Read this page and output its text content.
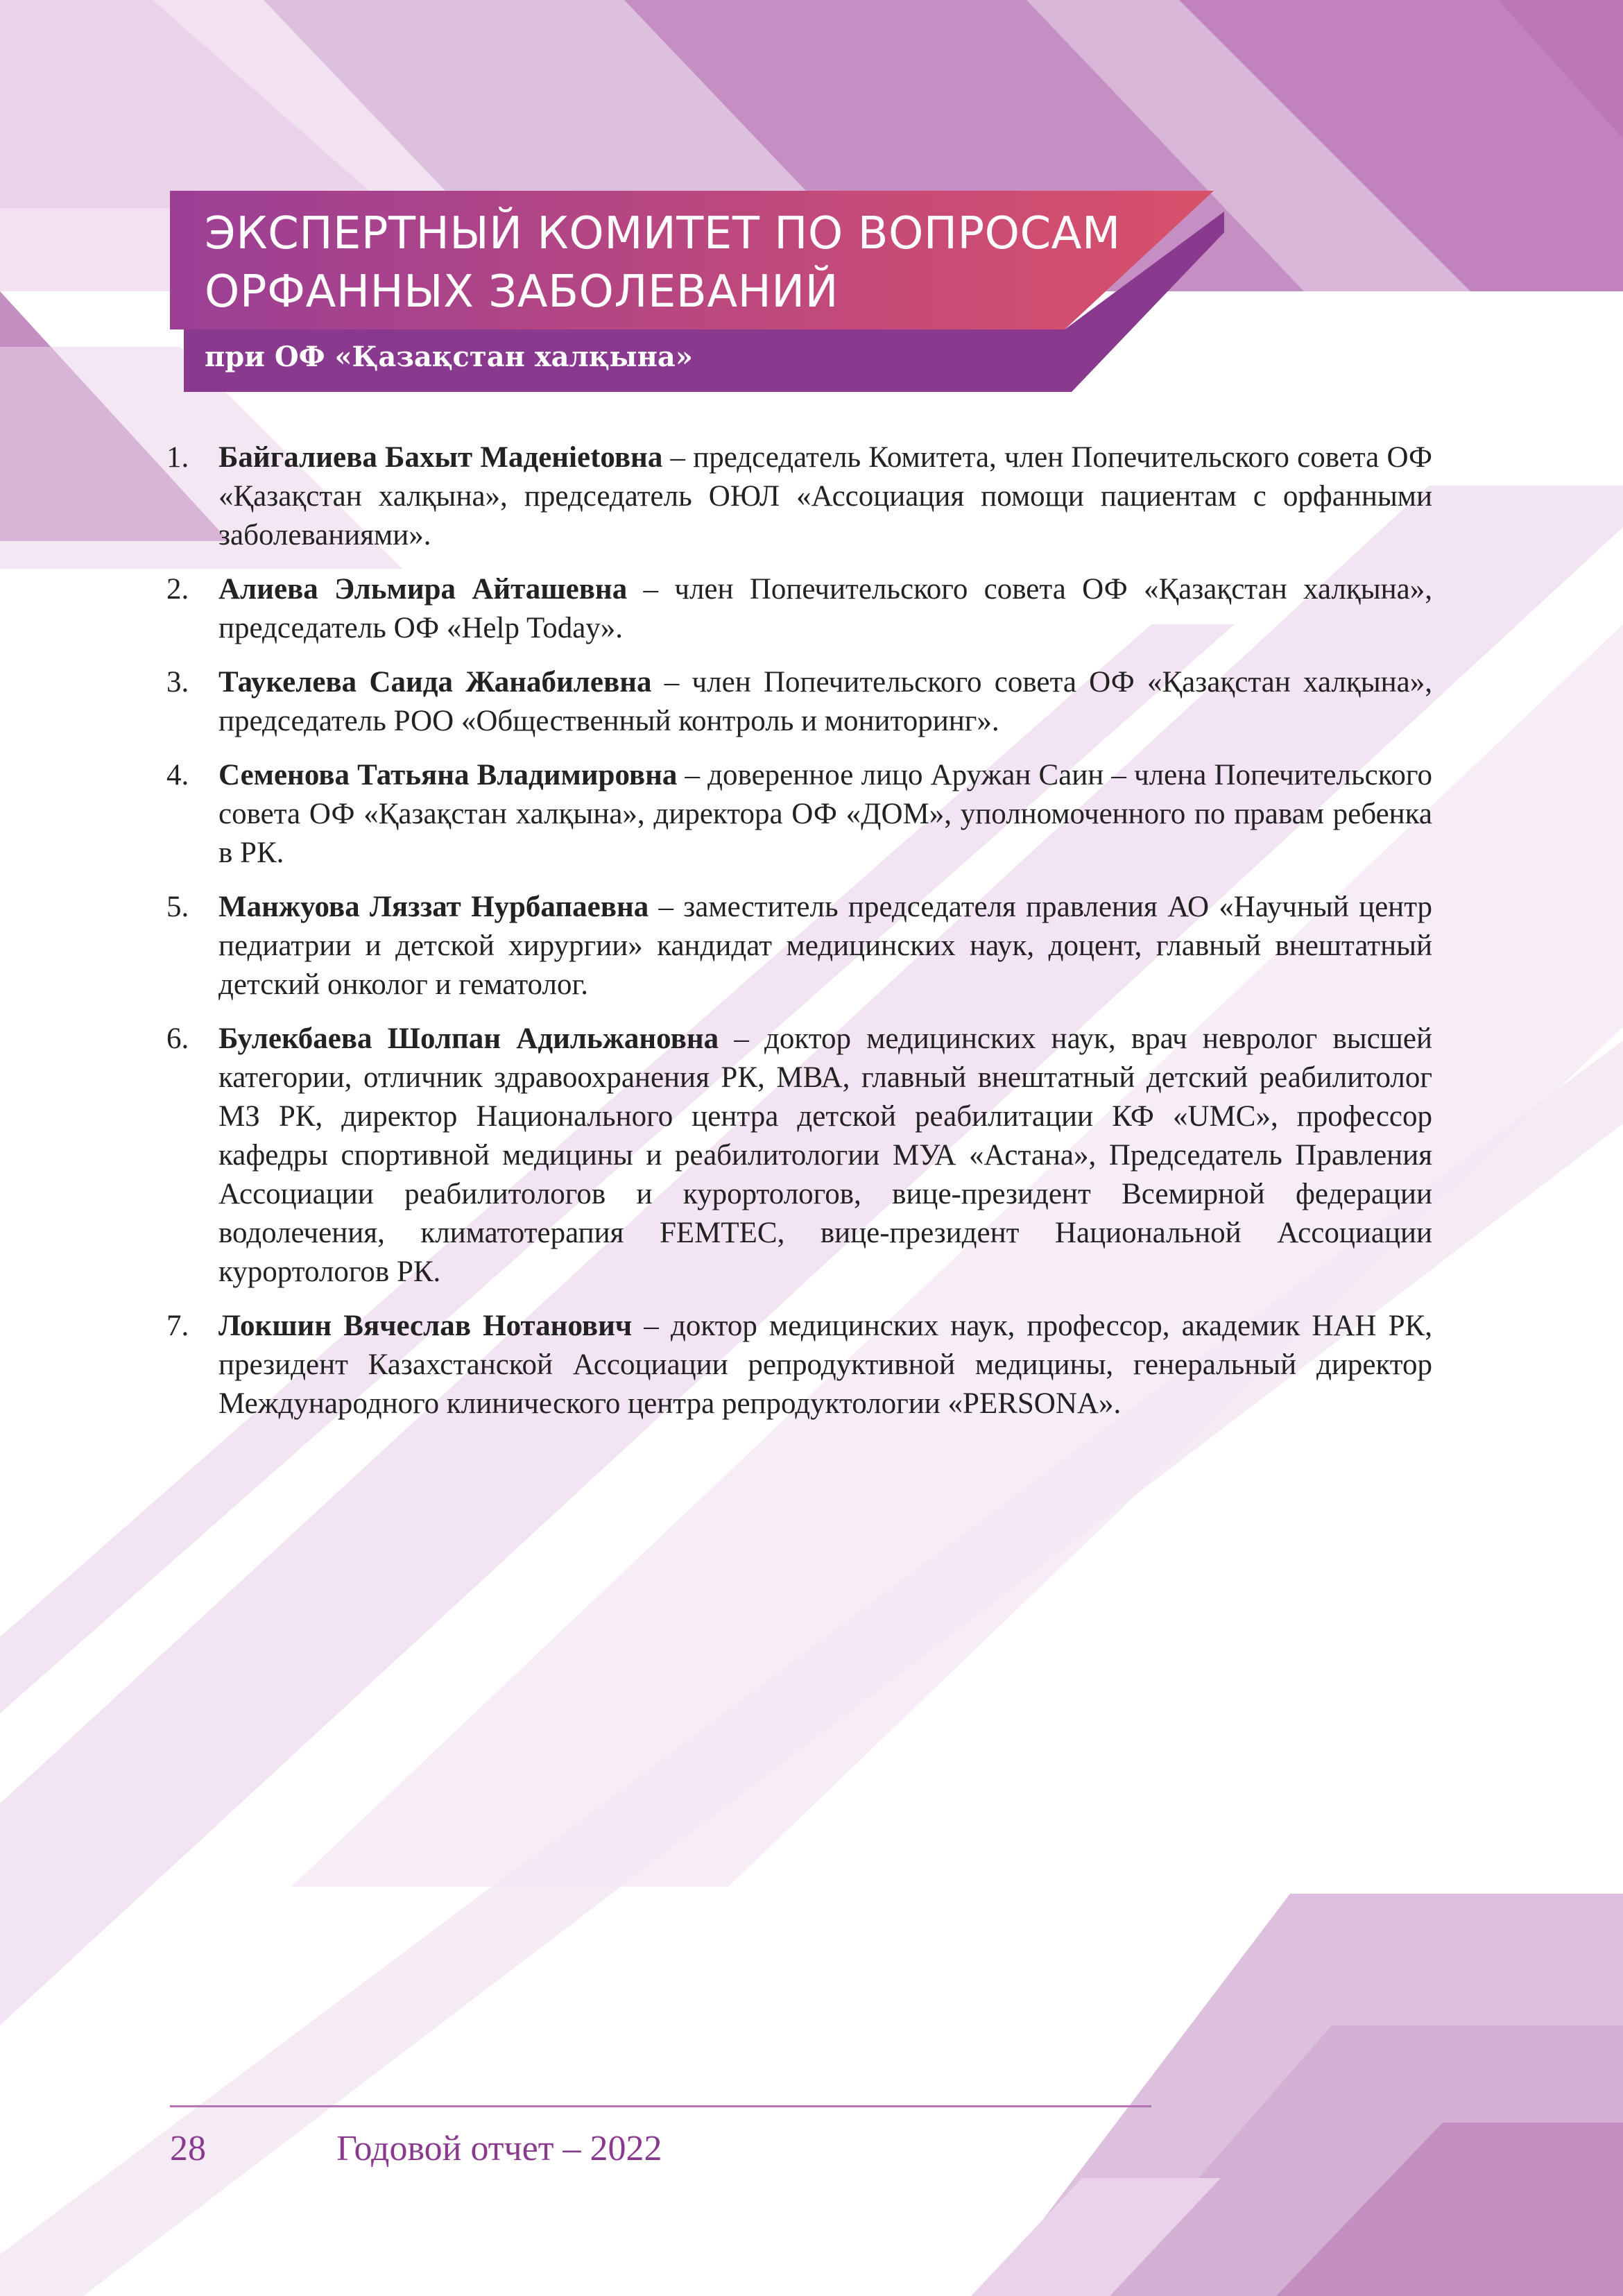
ЭКСПЕРТНЫЙ КОМИТЕТ ПО ВОПРОСАМ
ОРФАННЫХ ЗАБОЛЕВАНИЙ
при ОФ «Қазақстан халқына»
1. Байгалиева Бахыт Маденietовна – председатель Комитета, член Попечительского совета ОФ «Қазақстан халқына», председатель ОЮЛ «Ассоциация помощи пациентам с орфанными заболеваниями».
2. Алиева Эльмира Айташевна – член Попечительского совета ОФ «Қазақстан халқына», председатель ОФ «Help Today».
3. Таукелева Саида Жанабилевна – член Попечительского совета ОФ «Қазақстан халқына», председатель РОО «Общественный контроль и мониторинг».
4. Семенова Татьяна Владимировна – доверенное лицо Аружан Саин – члена Попечительского совета ОФ «Қазақстан халқына», директора ОФ «ДОМ», уполномоченного по правам ребенка в РК.
5. Манжуова Ляззат Нурбапаевна – заместитель председателя правления АО «Научный центр педиатрии и детской хирургии» кандидат медицинских наук, доцент, главный внештатный детский онколог и гематолог.
6. Булекбаева Шолпан Адильжановна – доктор медицинских наук, врач невролог высшей категории, отличник здравоохранения РК, МВА, главный внештатный детский реабилитолог МЗ РК, директор Национального центра детской реабилитации КФ «UMC», профессор кафедры спортивной медицины и реабилитологии МУА «Астана», Председатель Правления Ассоциации реабилитологов и курортологов, вице-президент Всемирной федерации водолечения, климатотерапия FEMTEC, вице-президент Национальной Ассоциации курортологов РК.
7. Локшин Вячеслав Нотанович – доктор медицинских наук, профессор, академик НАН РК, президент Казахстанской Ассоциации репродуктивной медицины, генеральный директор Международного клинического центра репродуктологии «PERSONA».
28	Годовой отчет – 2022
